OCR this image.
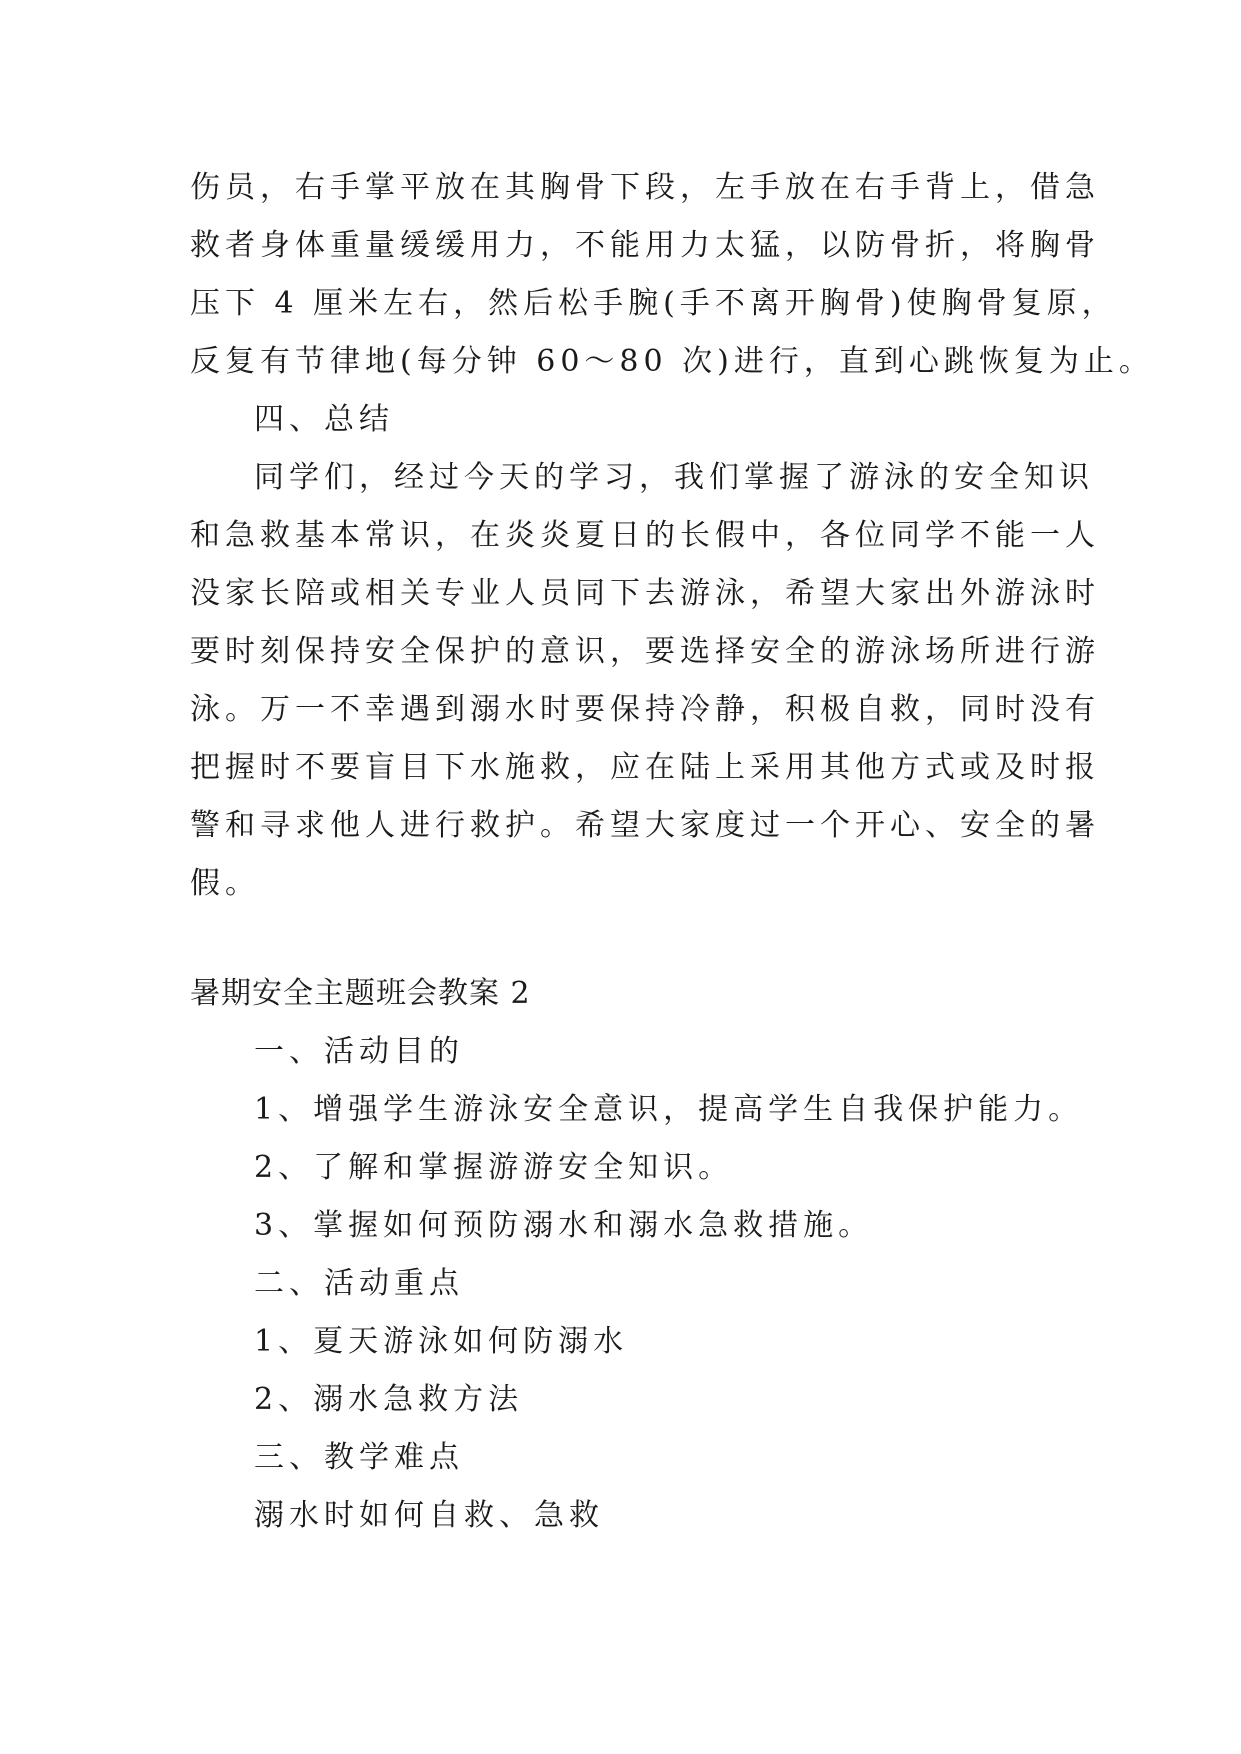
伤员，右手掌平放在其胸骨下段，左手放在右手背上，借急
救者身体重量缓缓用力，不能用力太猛，以防骨折，将胸骨
压下 4 厘米左右，然后松手腕(手不离开胸骨)使胸骨复原，
反复有节律地(每分钟 60～80 次)进行，直到心跳恢复为止。
四、总结
同学们，经过今天的学习，我们掌握了游泳的安全知识
和急救基本常识，在炎炎夏日的长假中，各位同学不能一人
没家长陪或相关专业人员同下去游泳，希望大家出外游泳时
要时刻保持安全保护的意识，要选择安全的游泳场所进行游
泳。万一不幸遇到溺水时要保持冷静，积极自救，同时没有
把握时不要盲目下水施救，应在陆上采用其他方式或及时报
警和寻求他人进行救护。希望大家度过一个开心、安全的暑
假。
暑期安全主题班会教案 2
一、活动目的
1、增强学生游泳安全意识，提高学生自我保护能力。
2、了解和掌握游游安全知识。
3、掌握如何预防溺水和溺水急救措施。
二、活动重点
1、夏天游泳如何防溺水
2、溺水急救方法
三、教学难点
溺水时如何自救、急救
